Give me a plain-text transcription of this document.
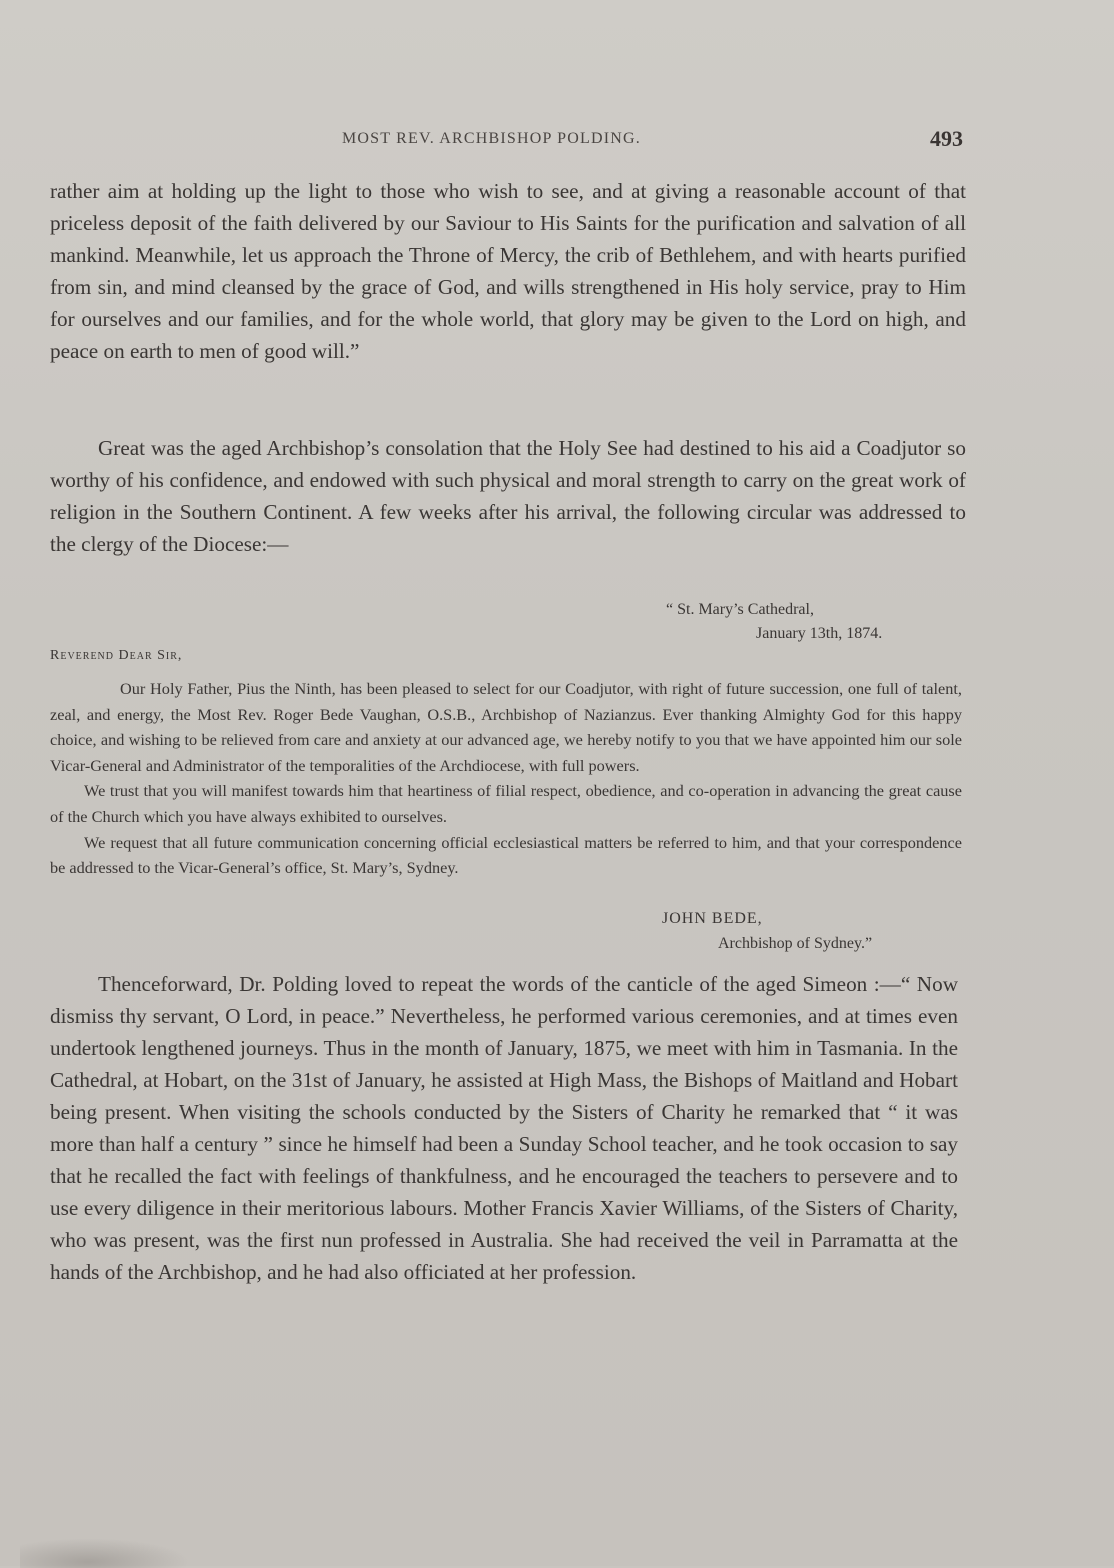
MOST REV. ARCHBISHOP POLDING.	493

rather aim at holding up the light to those who wish to see, and at giving a reasonable account of that priceless deposit of the faith delivered by our Saviour to His Saints for the purification and salvation of all mankind. Meanwhile, let us approach the Throne of Mercy, the crib of Bethlehem, and with hearts purified from sin, and mind cleansed by the grace of God, and wills strengthened in His holy service, pray to Him for ourselves and our families, and for the whole world, that glory may be given to the Lord on high, and peace on earth to men of good will.”

Great was the aged Archbishop’s consolation that the Holy See had destined to his aid a Coadjutor so worthy of his confidence, and endowed with such physical and moral strength to carry on the great work of religion in the Southern Continent. A few weeks after his arrival, the following circular was addressed to the clergy of the Diocese:—

“ St. Mary’s Cathedral,
January 13th, 1874.
Reverend Dear Sir,

Our Holy Father, Pius the Ninth, has been pleased to select for our Coadjutor, with right of future succession, one full of talent, zeal, and energy, the Most Rev. Roger Bede Vaughan, O.S.B., Archbishop of Nazianzus. Ever thanking Almighty God for this happy choice, and wishing to be relieved from care and anxiety at our advanced age, we hereby notify to you that we have appointed him our sole Vicar-General and Administrator of the temporalities of the Archdiocese, with full powers.

We trust that you will manifest towards him that heartiness of filial respect, obedience, and co-operation in advancing the great cause of the Church which you have always exhibited to ourselves.

We request that all future communication concerning official ecclesiastical matters be referred to him, and that your correspondence be addressed to the Vicar-General’s office, St. Mary’s, Sydney.

JOHN BEDE,
Archbishop of Sydney.”

Thenceforward, Dr. Polding loved to repeat the words of the canticle of the aged Simeon :—“ Now dismiss thy servant, O Lord, in peace.” Nevertheless, he performed various ceremonies, and at times even undertook lengthened journeys. Thus in the month of January, 1875, we meet with him in Tasmania. In the Cathedral, at Hobart, on the 31st of January, he assisted at High Mass, the Bishops of Maitland and Hobart being present. When visiting the schools conducted by the Sisters of Charity he remarked that “ it was more than half a century ” since he himself had been a Sunday School teacher, and he took occasion to say that he recalled the fact with feelings of thankfulness, and he encouraged the teachers to persevere and to use every diligence in their meritorious labours. Mother Francis Xavier Williams, of the Sisters of Charity, who was present, was the first nun professed in Australia. She had received the veil in Parramatta at the hands of the Archbishop, and he had also officiated at her profession.
